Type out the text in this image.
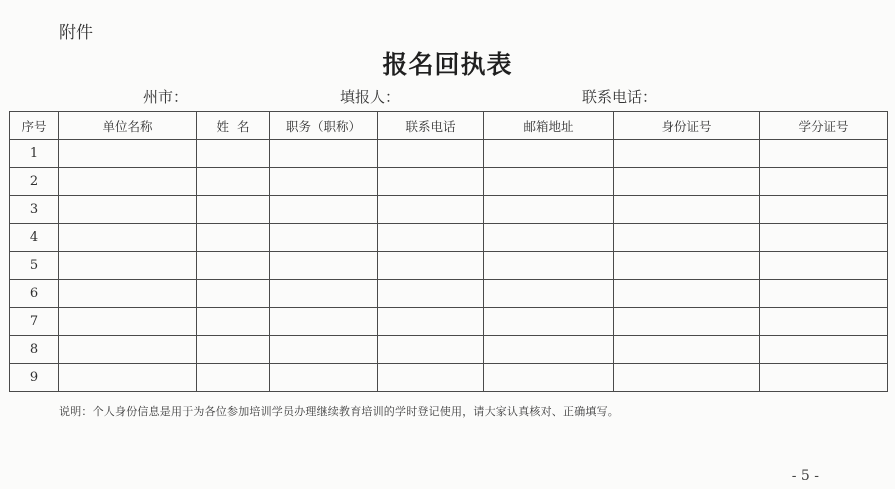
附件
报名回执表
州市：	填报人：	联系电话：
序号	单位名称	姓  名	职务（职称）	联系电话	邮箱地址	身份证号	学分证号
1							
2							
3							
4							
5							
6							
7							
8							
9							
说明：个人身份信息是用于为各位参加培训学员办理继续教育培训的学时登记使用，请大家认真核对、正确填写。
- 5 -
